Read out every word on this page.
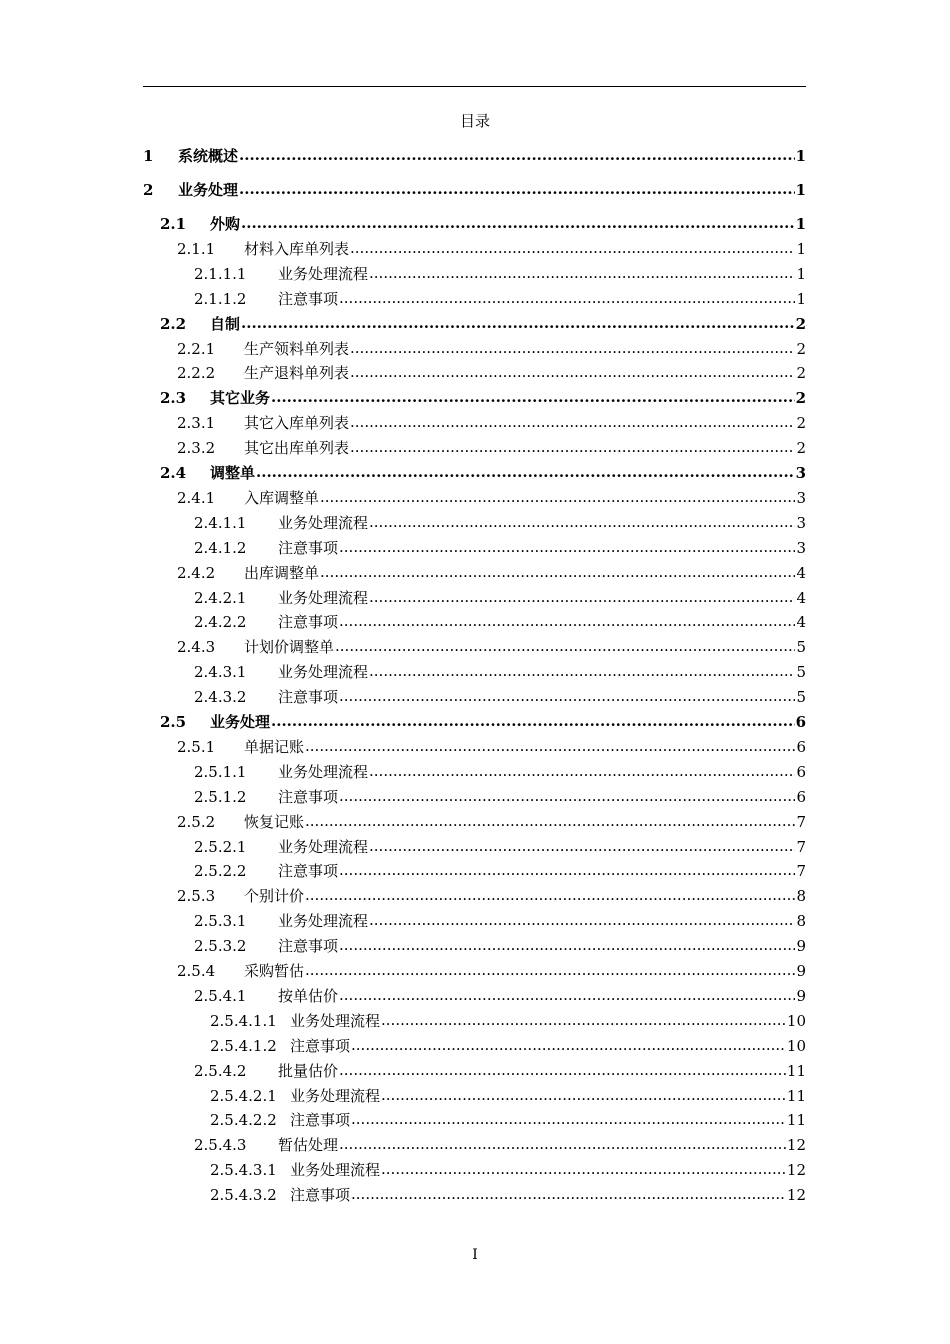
目录
1	系统概述 .....	1
2	业务处理 .....	1
2.1	外购 .....	1
2.1.1	材料入库单列表 .....	1
2.1.1.1	业务处理流程 .....	1
2.1.1.2	注意事项 .....	1
2.2	自制 .....	2
2.2.1	生产领料单列表 .....	2
2.2.2	生产退料单列表 .....	2
2.3	其它业务 .....	2
2.3.1	其它入库单列表 .....	2
2.3.2	其它出库单列表 .....	2
2.4	调整单 .....	3
2.4.1	入库调整单 .....	3
2.4.1.1	业务处理流程 .....	3
2.4.1.2	注意事项 .....	3
2.4.2	出库调整单 .....	4
2.4.2.1	业务处理流程 .....	4
2.4.2.2	注意事项 .....	4
2.4.3	计划价调整单 .....	5
2.4.3.1	业务处理流程 .....	5
2.4.3.2	注意事项 .....	5
2.5	业务处理 .....	6
2.5.1	单据记账 .....	6
2.5.1.1	业务处理流程 .....	6
2.5.1.2	注意事项 .....	6
2.5.2	恢复记账 .....	7
2.5.2.1	业务处理流程 .....	7
2.5.2.2	注意事项 .....	7
2.5.3	个别计价 .....	8
2.5.3.1	业务处理流程 .....	8
2.5.3.2	注意事项 .....	9
2.5.4	采购暂估 .....	9
2.5.4.1	按单估价 .....	9
2.5.4.1.1 业务处理流程 .....	10
2.5.4.1.2 注意事项 .....	10
2.5.4.2	批量估价 .....	11
2.5.4.2.1 业务处理流程 .....	11
2.5.4.2.2 注意事项 .....	11
2.5.4.3	暂估处理 .....	12
2.5.4.3.1 业务处理流程 .....	12
2.5.4.3.2 注意事项 .....	12
I
